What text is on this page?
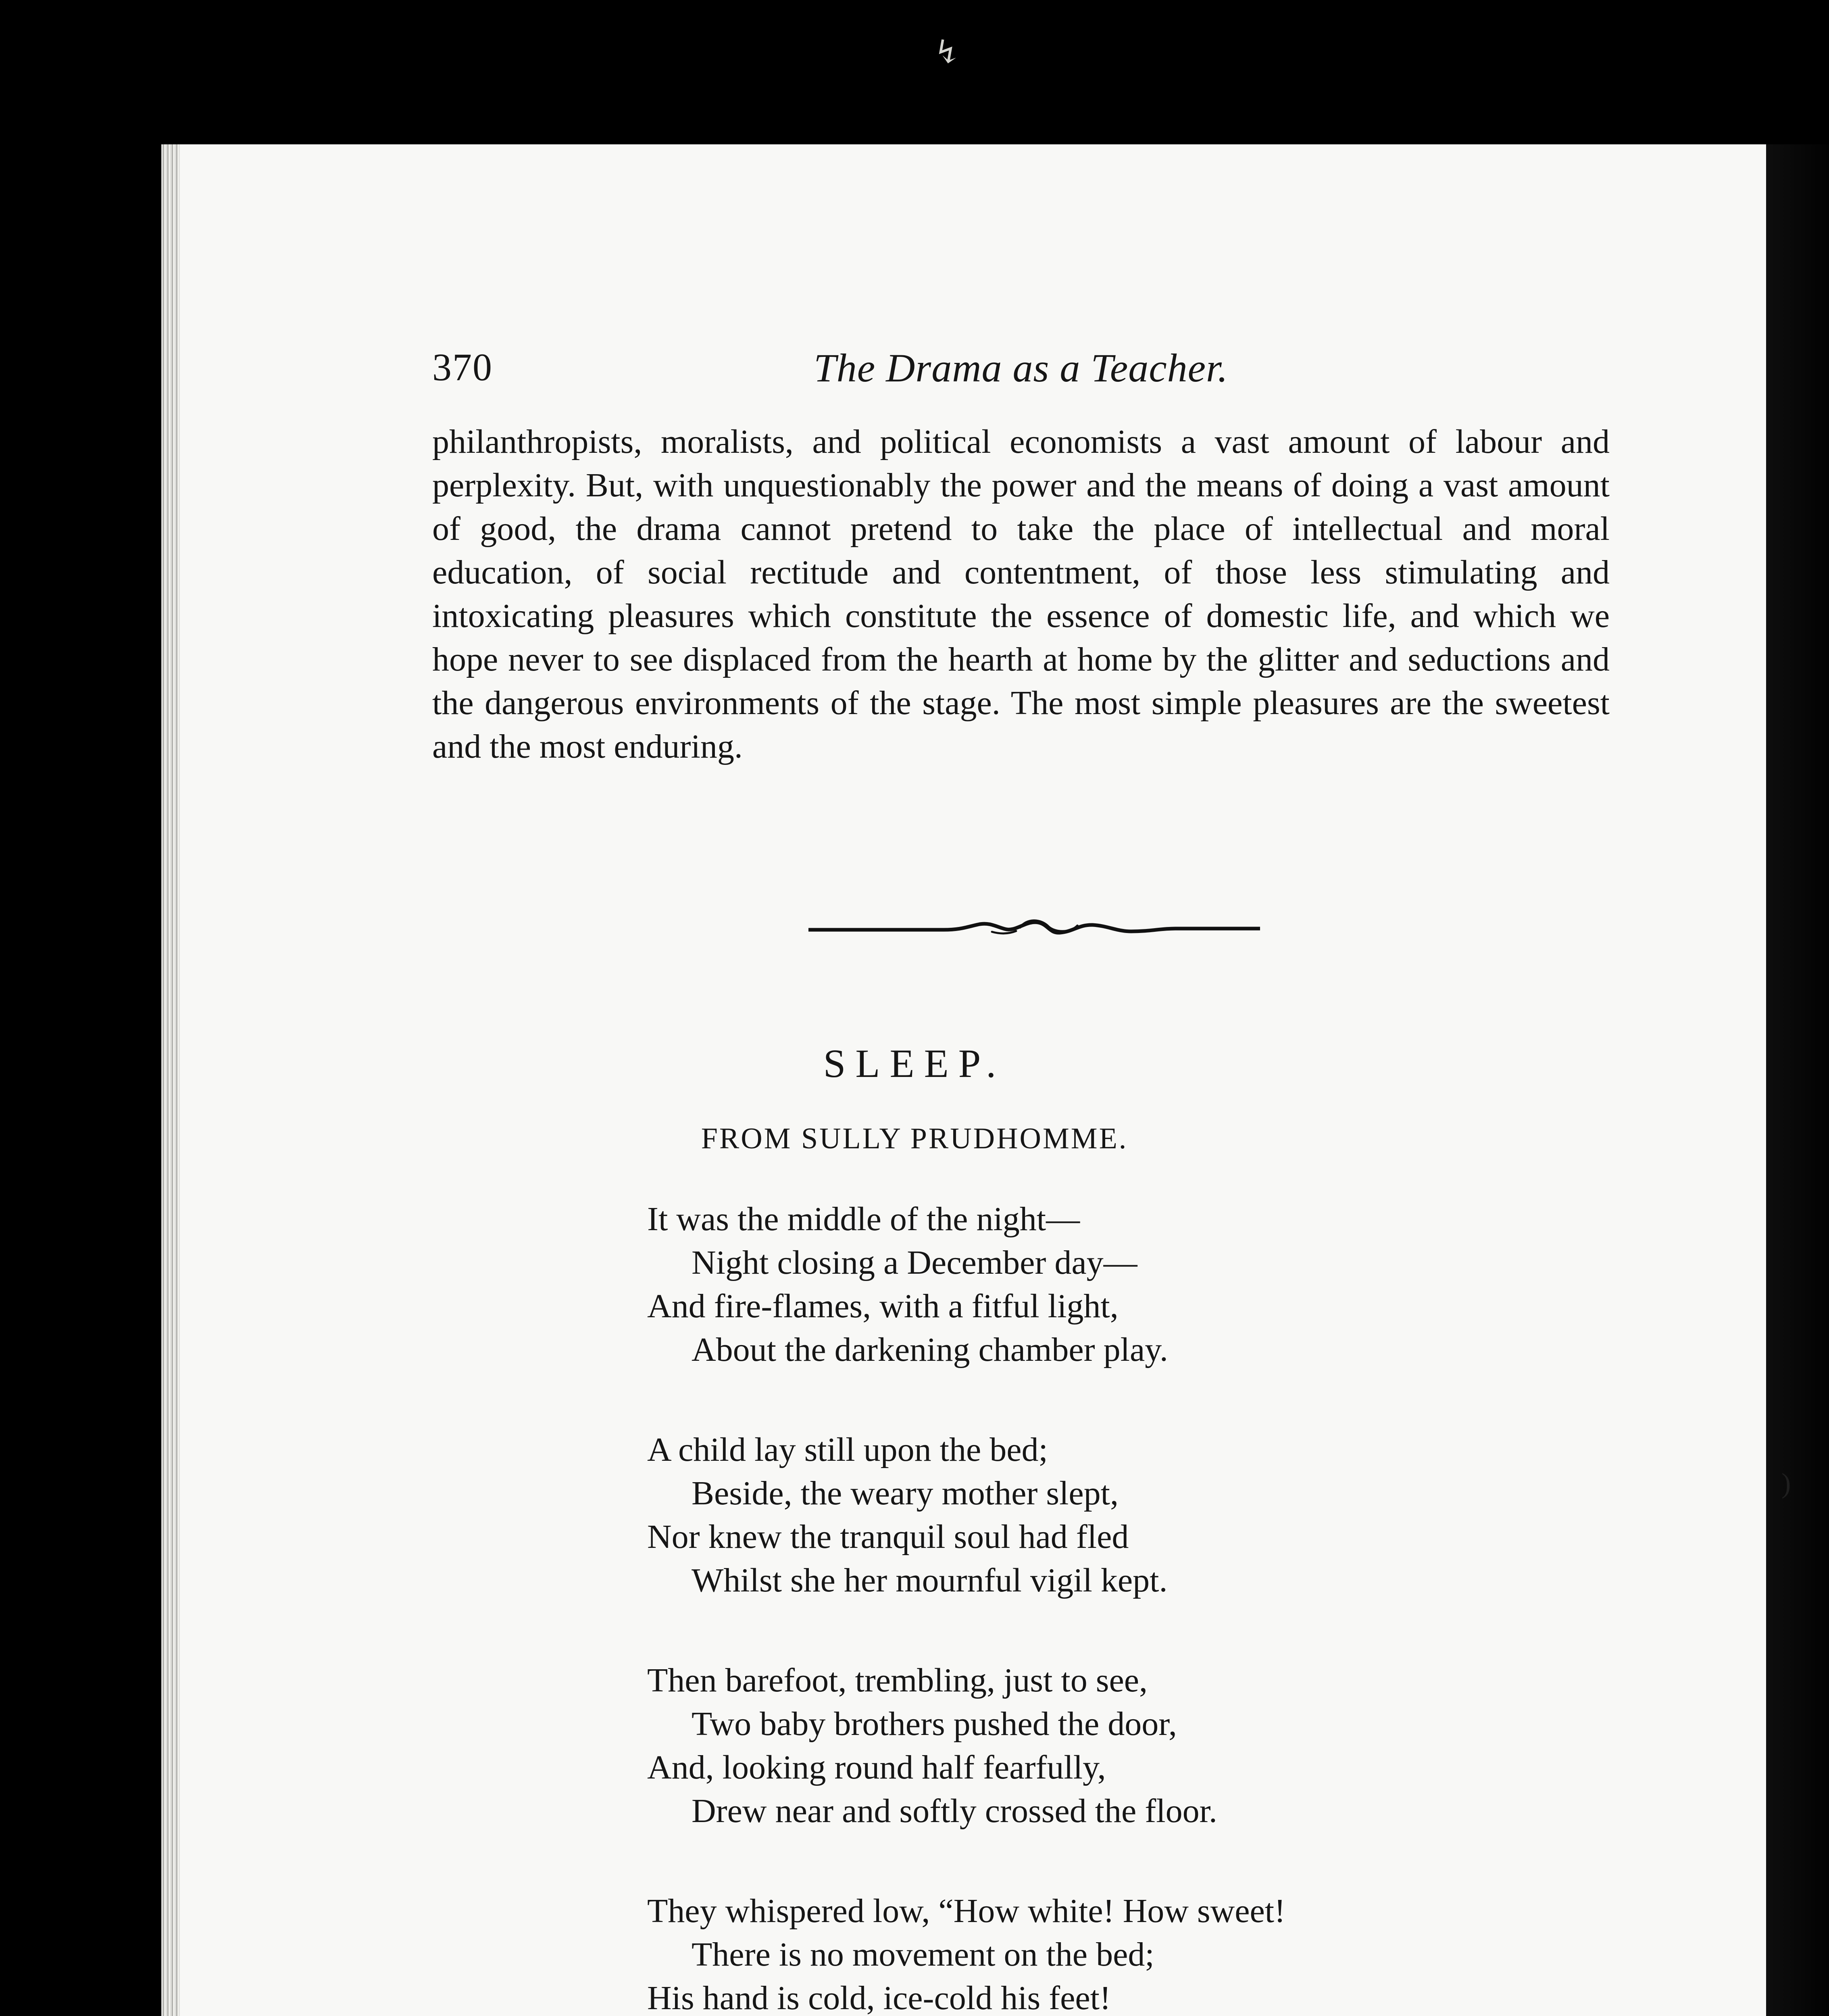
↯
370	The Drama as a Teacher.

philanthropists, moralists, and political economists a vast amount of labour and perplexity. But, with unquestionably the power and the means of doing a vast amount of good, the drama cannot pretend to take the place of intellectual and moral education, of social rectitude and contentment, of those less stimulating and intoxicating pleasures which constitute the essence of domestic life, and which we hope never to see displaced from the hearth at home by the glitter and seductions and the dangerous environments of the stage. The most simple pleasures are the sweetest and the most enduring.

SLEEP.
FROM SULLY PRUDHOMME.
It was the middle of the night—
Night closing a December day—
And fire-flames, with a fitful light,
About the darkening chamber play.
A child lay still upon the bed;
Beside, the weary mother slept,
Nor knew the tranquil soul had fled
Whilst she her mournful vigil kept.
Then barefoot, trembling, just to see,
Two baby brothers pushed the door,
And, looking round half fearfully,
Drew near and softly crossed the floor.
They whispered low, “How white! How sweet!
There is no movement on the bed;
His hand is cold, ice-cold his feet!
)
